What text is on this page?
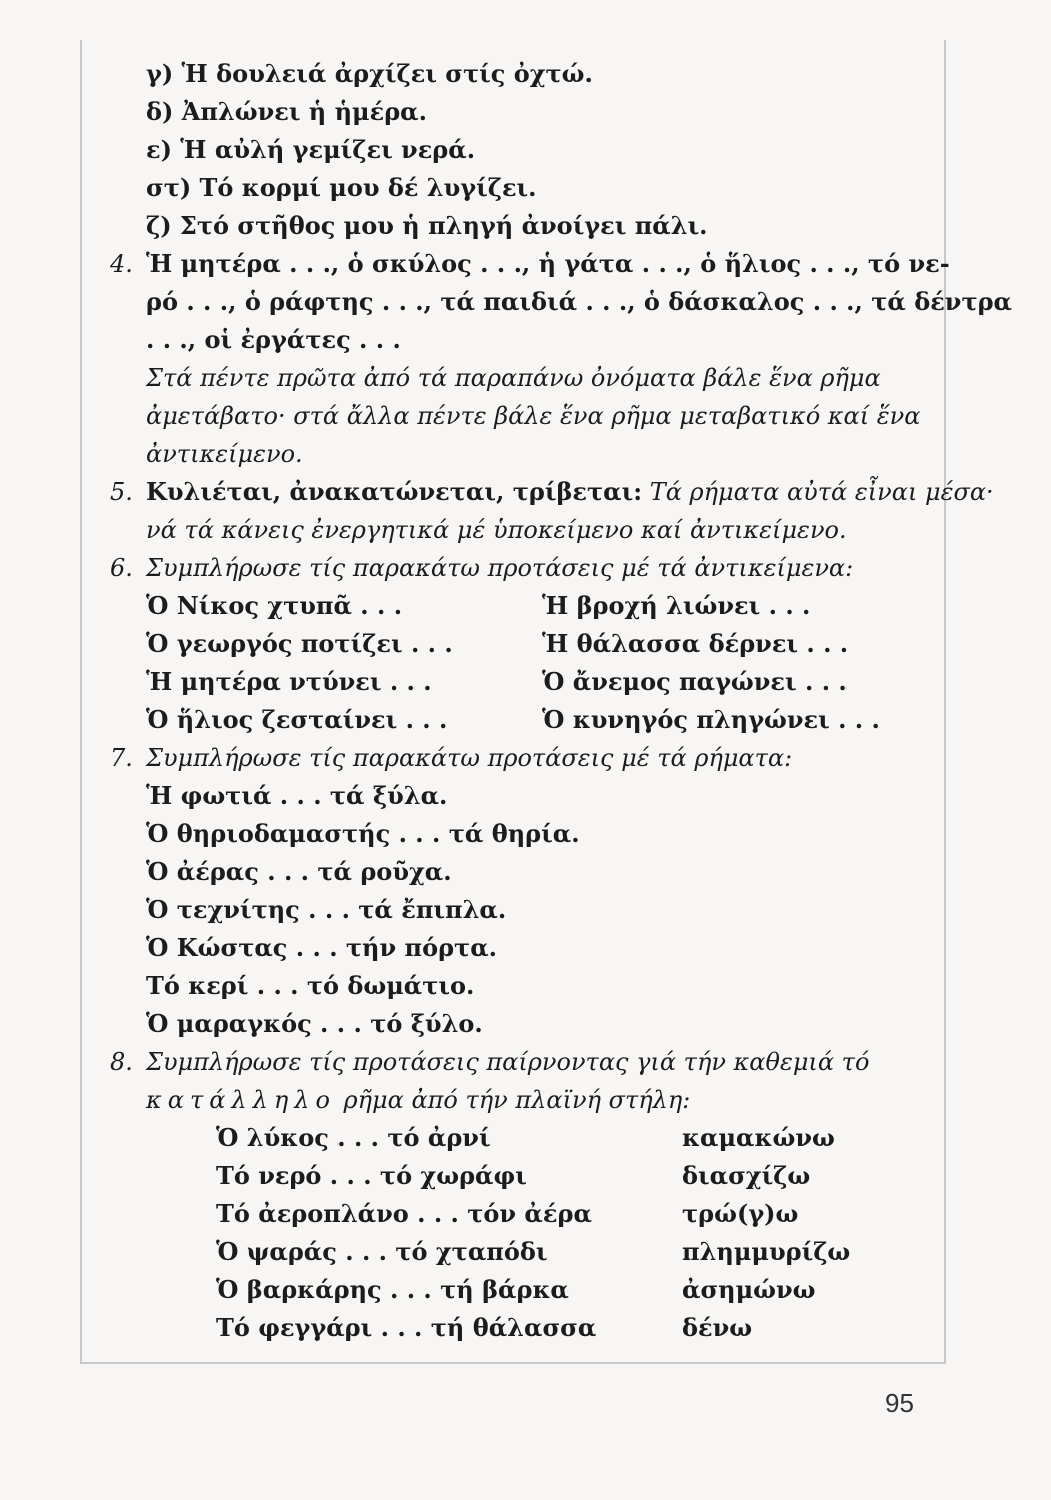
γ) Ἡ δουλειά ἀρχίζει στίς ὀχτώ.
δ) Ἀπλώνει ἡ ἡμέρα.
ε) Ἡ αὐλή γεμίζει νερά.
στ) Τό κορμί μου δέ λυγίζει.
ζ) Στό στῆθος μου ἡ πληγή ἀνοίγει πάλι.
4. Ἡ μητέρα . . ., ὁ σκύλος . . ., ἡ γάτα . . ., ὁ ἥλιος . . ., τό νε-
ρό . . ., ὁ ράφτης . . ., τά παιδιά . . ., ὁ δάσκαλος . . ., τά δέντρα
. . ., οἱ ἐργάτες . . .
Στά πέντε πρῶτα ἀπό τά παραπάνω ὀνόματα βάλε ἕνα ρῆμα
ἀμετάβατο· στά ἄλλα πέντε βάλε ἕνα ρῆμα μεταβατικό καί ἕνα
ἀντικείμενο.
5. Κυλιέται, ἀνακατώνεται, τρίβεται: Τά ρήματα αὐτά εἶναι μέσα·
νά τά κάνεις ἐνεργητικά μέ ὑποκείμενο καί ἀντικείμενο.
6. Συμπλήρωσε τίς παρακάτω προτάσεις μέ τά ἀντικείμενα:
Ὁ Νίκος χτυπᾶ . . .	Ἡ βροχή λιώνει . . .
Ὁ γεωργός ποτίζει . . .	Ἡ θάλασσα δέρνει . . .
Ἡ μητέρα ντύνει . . .	Ὁ ἄνεμος παγώνει . . .
Ὁ ἥλιος ζεσταίνει . . .	Ὁ κυνηγός πληγώνει . . .
7. Συμπλήρωσε τίς παρακάτω προτάσεις μέ τά ρήματα:
Ἡ φωτιά . . . τά ξύλα.
Ὁ θηριοδαμαστής . . . τά θηρία.
Ὁ ἀέρας . . . τά ροῦχα.
Ὁ τεχνίτης . . . τά ἔπιπλα.
Ὁ Κώστας . . . τήν πόρτα.
Τό κερί . . . τό δωμάτιο.
Ὁ μαραγκός . . . τό ξύλο.
8. Συμπλήρωσε τίς προτάσεις παίρνοντας γιά τήν καθεμιά τό
κατάλληλο ρῆμα ἀπό τήν πλαϊνή στήλη:
Ὁ λύκος . . . τό ἀρνί	καμακώνω
Τό νερό . . . τό χωράφι	διασχίζω
Τό ἀεροπλάνο . . . τόν ἀέρα	τρώ(γ)ω
Ὁ ψαράς . . . τό χταπόδι	πλημμυρίζω
Ὁ βαρκάρης . . . τή βάρκα	ἀσημώνω
Τό φεγγάρι . . . τή θάλασσα	δένω
95
